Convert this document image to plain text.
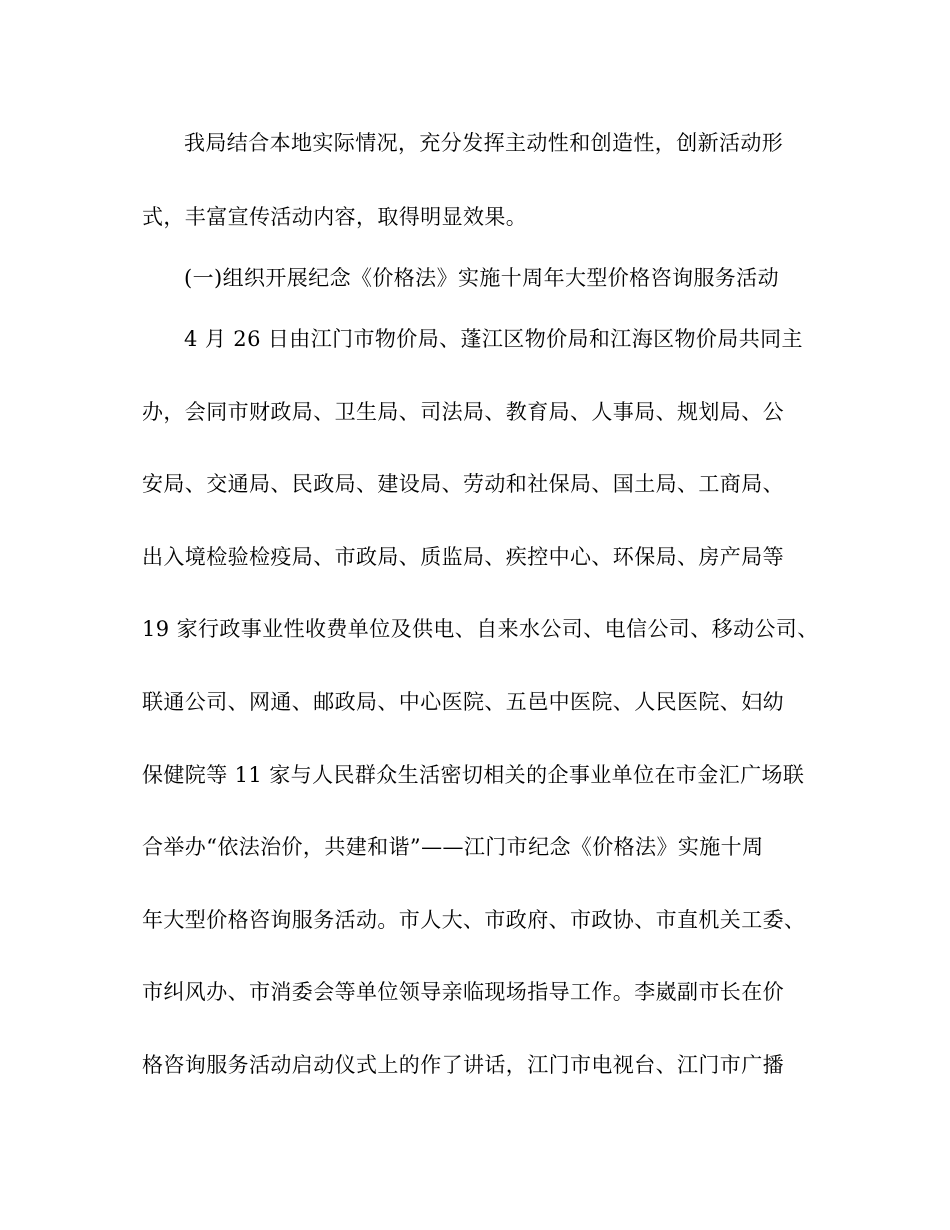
我局结合本地实际情况，充分发挥主动性和创造性，创新活动形
式，丰富宣传活动内容，取得明显效果。
(一)组织开展纪念《价格法》实施十周年大型价格咨询服务活动
4 月 26 日由江门市物价局、蓬江区物价局和江海区物价局共同主
办，会同市财政局、卫生局、司法局、教育局、人事局、规划局、公
安局、交通局、民政局、建设局、劳动和社保局、国土局、工商局、
出入境检验检疫局、市政局、质监局、疾控中心、环保局、房产局等
19 家行政事业性收费单位及供电、自来水公司、电信公司、移动公司、
联通公司、网通、邮政局、中心医院、五邑中医院、人民医院、妇幼
保健院等 11 家与人民群众生活密切相关的企事业单位在市金汇广场联
合举办“依法治价，共建和谐”——江门市纪念《价格法》实施十周
年大型价格咨询服务活动。市人大、市政府、市政协、市直机关工委、
市纠风办、市消委会等单位领导亲临现场指导工作。李崴副市长在价
格咨询服务活动启动仪式上的作了讲话，江门市电视台、江门市广播
